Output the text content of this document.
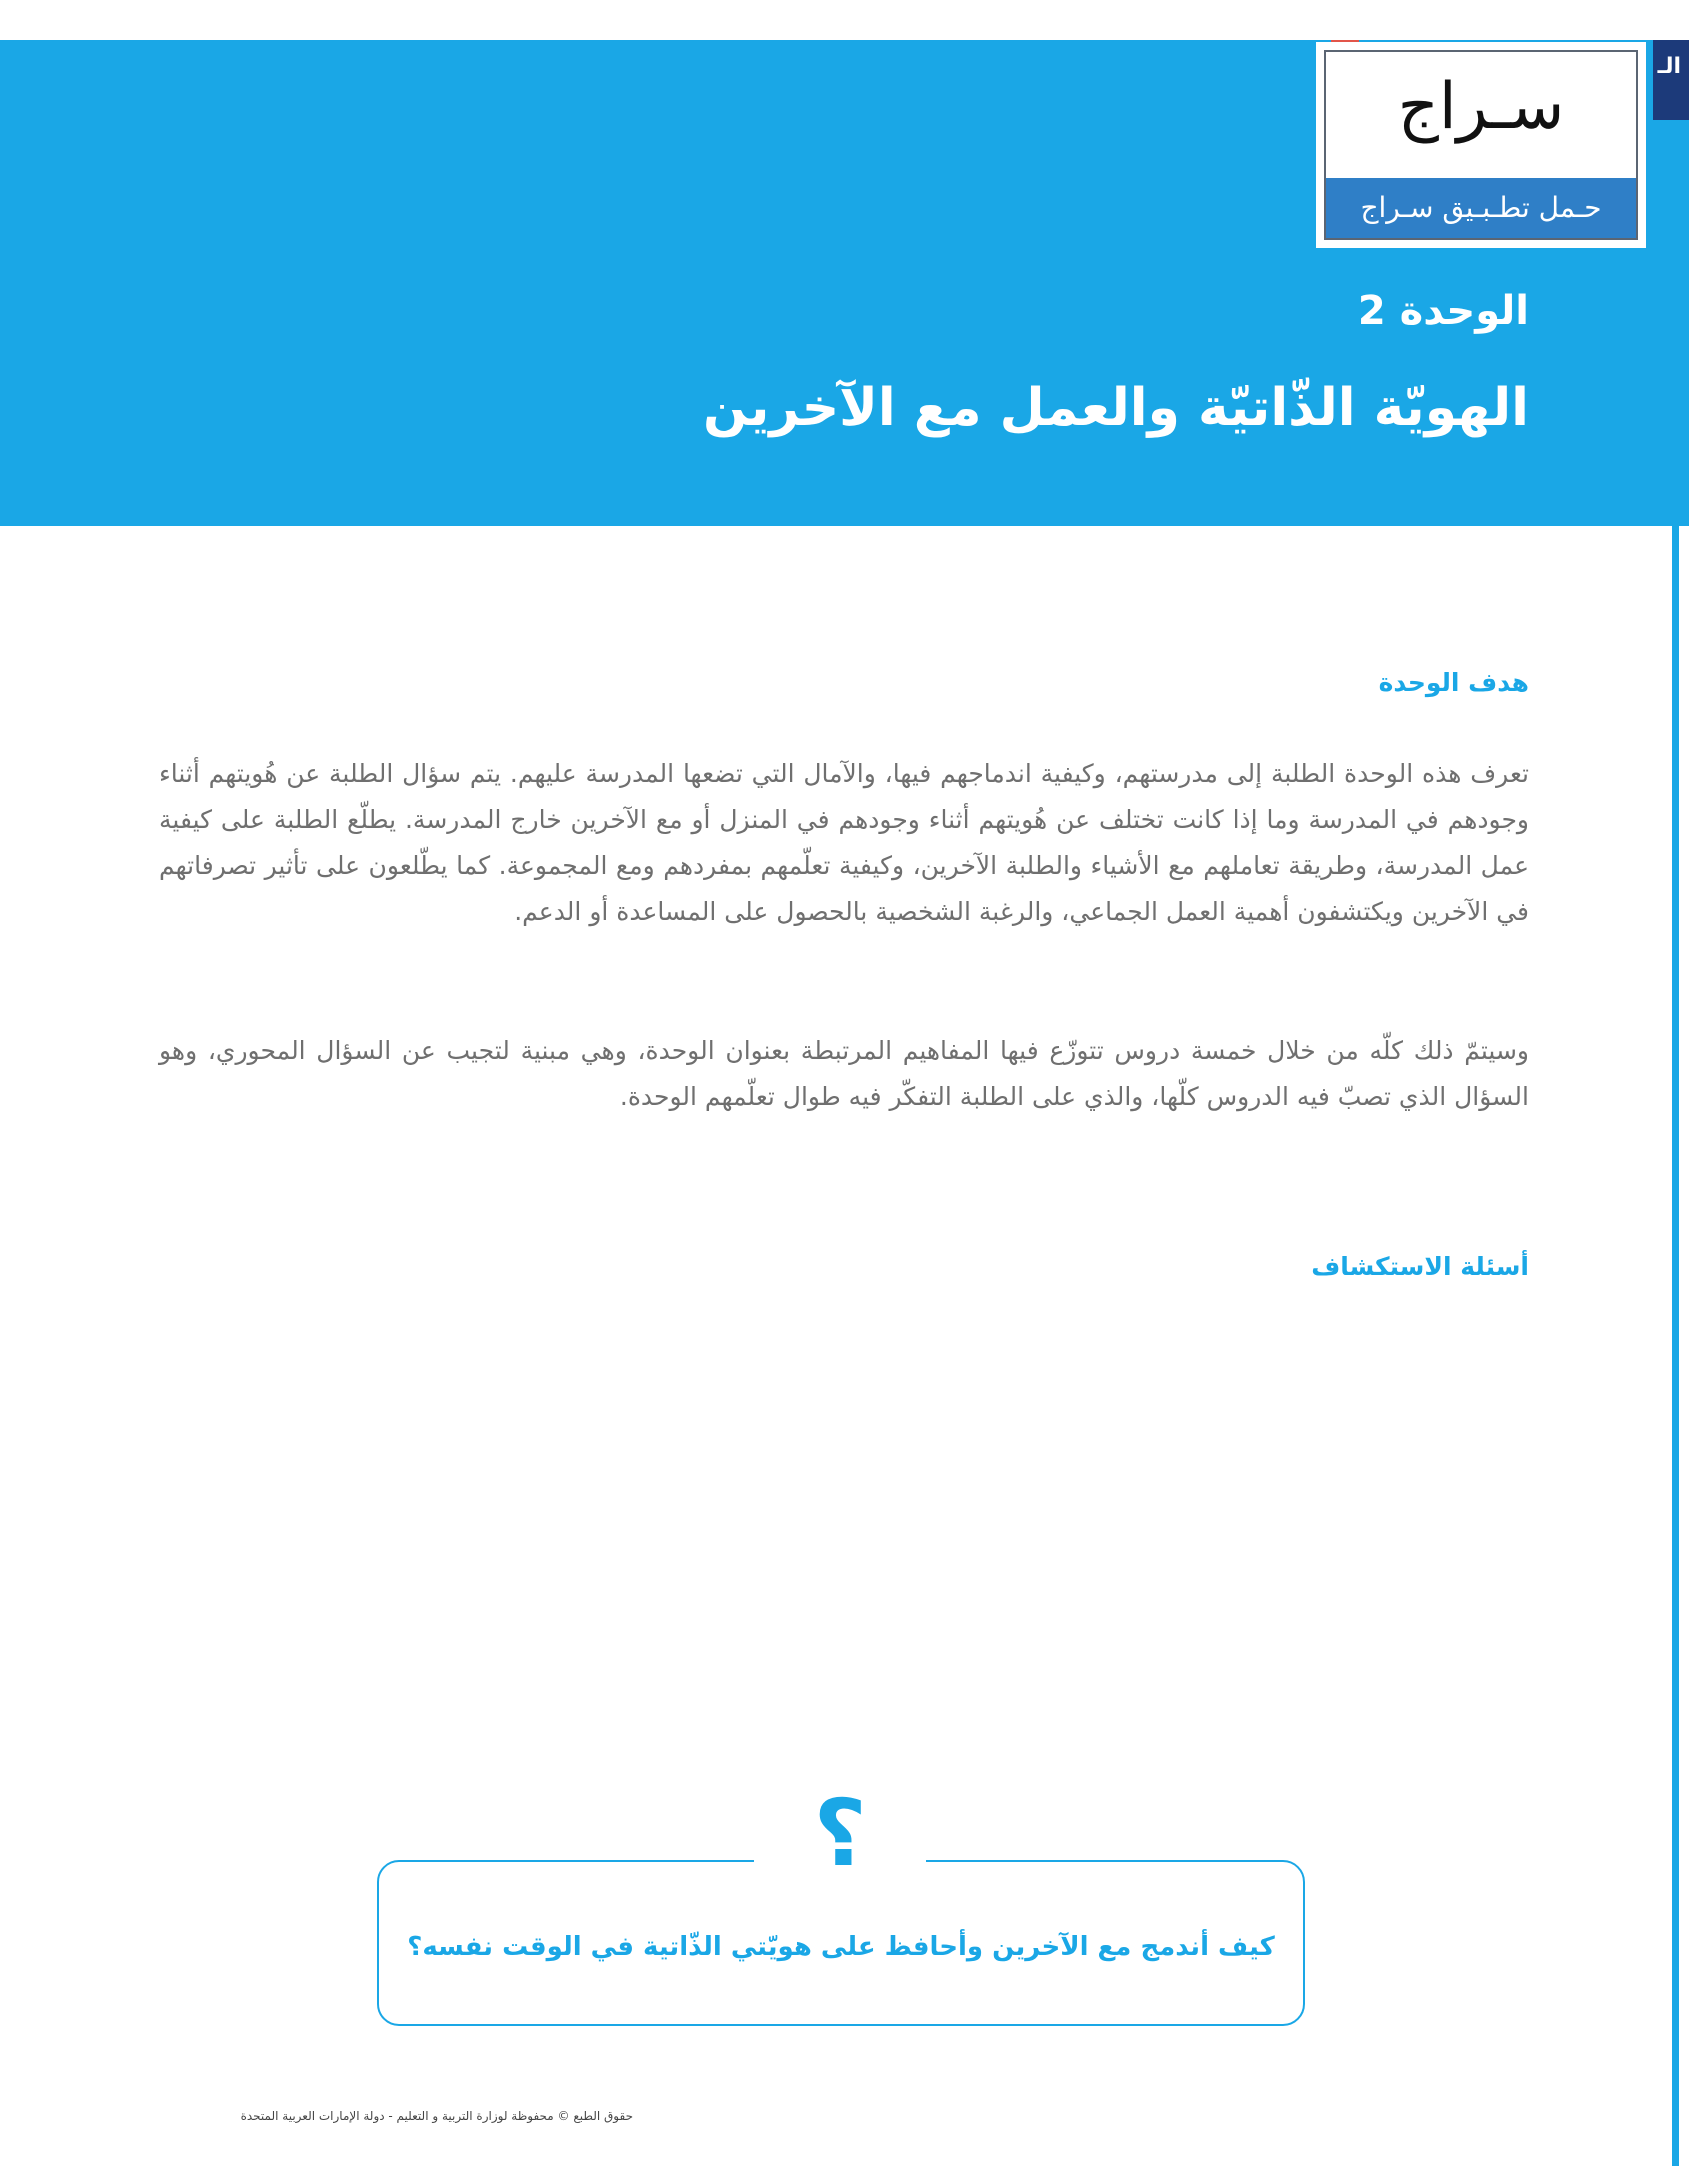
الـ
سـراج
حـمل تطـبـيق سـراج
الوحدة 2
الهويّة الذّاتيّة والعمل مع الآخرين
هدف الوحدة
تعرف هذه الوحدة الطلبة إلى مدرستهم، وكيفية اندماجهم فيها، والآمال التي تضعها المدرسة عليهم. يتم سؤال الطلبة عن هُويتهم أثناء وجودهم في المدرسة وما إذا كانت تختلف عن هُويتهم أثناء وجودهم في المنزل أو مع الآخرين خارج المدرسة. يطلّع الطلبة على كيفية عمل المدرسة، وطريقة تعاملهم مع الأشياء والطلبة الآخرين، وكيفية تعلّمهم بمفردهم ومع المجموعة. كما يطّلعون على تأثير تصرفاتهم في الآخرين ويكتشفون أهمية العمل الجماعي، والرغبة الشخصية بالحصول على المساعدة أو الدعم.
وسيتمّ ذلك كلّه من خلال خمسة دروس تتوزّع فيها المفاهيم المرتبطة بعنوان الوحدة، وهي مبنية لتجيب عن السؤال المحوري، وهو السؤال الذي تصبّ فيه الدروس كلّها، والذي على الطلبة التفكّر فيه طوال تعلّمهم الوحدة.
أسئلة الاستكشاف
؟
كيف أندمج مع الآخرين وأحافظ على هويّتي الذّاتية في الوقت نفسه؟
حقوق الطبع © محفوظة لوزارة التربية و التعليم - دولة الإمارات العربية المتحدة
